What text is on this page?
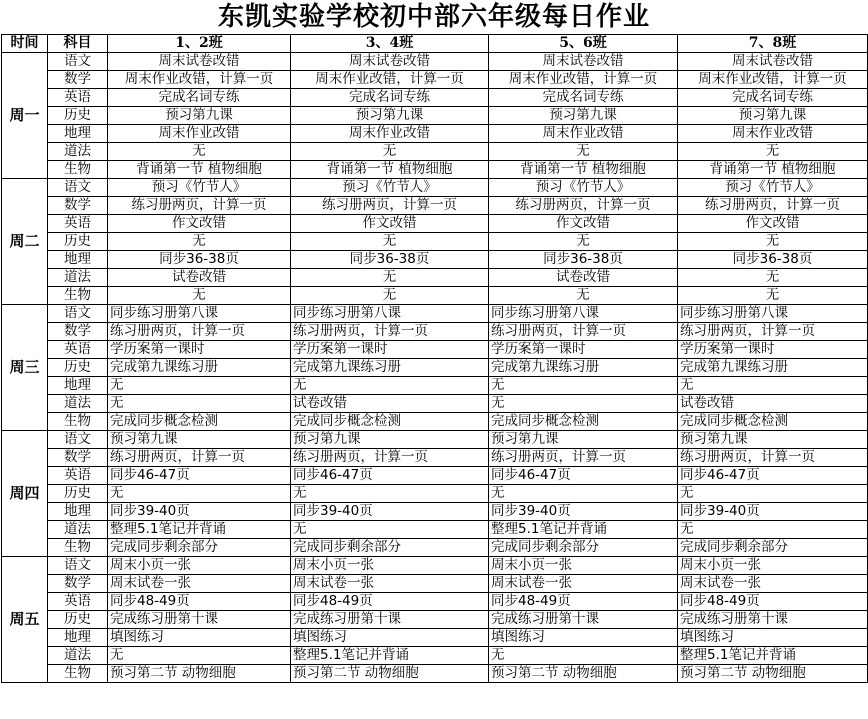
东凯实验学校初中部六年级每日作业
时间	科目	1、2班	3、4班	5、6班	7、8班
周一	语文	周末试卷改错	周末试卷改错	周末试卷改错	周末试卷改错
	数学	周末作业改错，计算一页	周末作业改错，计算一页	周末作业改错，计算一页	周末作业改错，计算一页
	英语	完成名词专练	完成名词专练	完成名词专练	完成名词专练
	历史	预习第九课	预习第九课	预习第九课	预习第九课
	地理	周末作业改错	周末作业改错	周末作业改错	周末作业改错
	道法	无	无	无	无
	生物	背诵第一节 植物细胞	背诵第一节 植物细胞	背诵第一节 植物细胞	背诵第一节 植物细胞
周二	语文	预习《竹节人》	预习《竹节人》	预习《竹节人》	预习《竹节人》
	数学	练习册两页，计算一页	练习册两页，计算一页	练习册两页，计算一页	练习册两页，计算一页
	英语	作文改错	作文改错	作文改错	作文改错
	历史	无	无	无	无
	地理	同步36-38页	同步36-38页	同步36-38页	同步36-38页
	道法	试卷改错	无	试卷改错	无
	生物	无	无	无	无
周三	语文	同步练习册第八课	同步练习册第八课	同步练习册第八课	同步练习册第八课
	数学	练习册两页，计算一页	练习册两页，计算一页	练习册两页，计算一页	练习册两页，计算一页
	英语	学历案第一课时	学历案第一课时	学历案第一课时	学历案第一课时
	历史	完成第九课练习册	完成第九课练习册	完成第九课练习册	完成第九课练习册
	地理	无	无	无	无
	道法	无	试卷改错	无	试卷改错
	生物	完成同步概念检测	完成同步概念检测	完成同步概念检测	完成同步概念检测
周四	语文	预习第九课	预习第九课	预习第九课	预习第九课
	数学	练习册两页，计算一页	练习册两页，计算一页	练习册两页，计算一页	练习册两页，计算一页
	英语	同步46-47页	同步46-47页	同步46-47页	同步46-47页
	历史	无	无	无	无
	地理	同步39-40页	同步39-40页	同步39-40页	同步39-40页
	道法	整理5.1笔记并背诵	无	整理5.1笔记并背诵	无
	生物	完成同步剩余部分	完成同步剩余部分	完成同步剩余部分	完成同步剩余部分
周五	语文	周末小页一张	周末小页一张	周末小页一张	周末小页一张
	数学	周末试卷一张	周末试卷一张	周末试卷一张	周末试卷一张
	英语	同步48-49页	同步48-49页	同步48-49页	同步48-49页
	历史	完成练习册第十课	完成练习册第十课	完成练习册第十课	完成练习册第十课
	地理	填图练习	填图练习	填图练习	填图练习
	道法	无	整理5.1笔记并背诵	无	整理5.1笔记并背诵
	生物	预习第二节 动物细胞	预习第二节 动物细胞	预习第二节 动物细胞	预习第二节 动物细胞
